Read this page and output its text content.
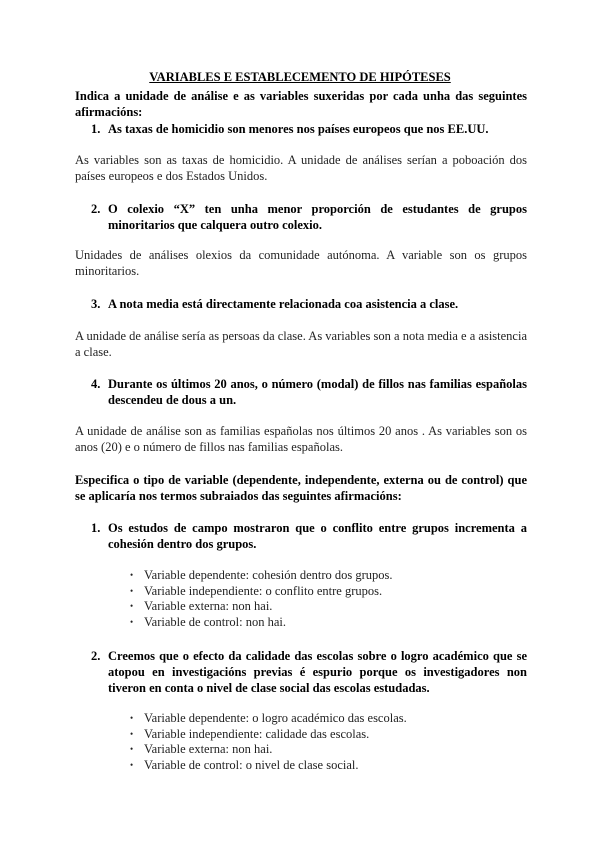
VARIABLES E ESTABLECEMENTO DE HIPÓTESES
Indica a unidade de análise e as variables suxeridas por cada unha das seguintes afirmacións:
1. As taxas de homicidio son menores nos países europeos que nos EE.UU.
As variables son as taxas de homicidio. A unidade de análises serían a poboación dos países europeos e dos Estados Unidos.
2. O colexio “X” ten unha menor proporción de estudantes de grupos minoritarios que calquera outro colexio.
Unidades de análises olexios da comunidade autónoma. A variable son os grupos minoritarios.
3. A nota media está directamente relacionada coa asistencia a clase.
A unidade de análise sería as persoas da clase. As variables son a nota media e a asistencia a clase.
4. Durante os últimos 20 anos, o número (modal) de fillos nas familias españolas descendeu de dous a un.
A unidade de análise son as familias españolas nos últimos 20 anos . As variables son os anos (20) e o número de fillos nas familias españolas.
Especifica o tipo de variable (dependente, independente, externa ou de control) que se aplicaría nos termos subraiados das seguintes afirmacións:
1. Os estudos de campo mostraron que o conflito entre grupos incrementa a cohesión dentro dos grupos.
• Variable dependente: cohesión dentro dos grupos.
• Variable independiente: o conflito entre grupos.
• Variable externa: non hai.
• Variable de control: non hai.
2. Creemos que o efecto da calidade das escolas sobre o logro académico que se atopou en investigacións previas é espurio porque os investigadores non tiveron en conta o nivel de clase social das escolas estudadas.
• Variable dependente: o logro académico das escolas.
• Variable independiente: calidade das escolas.
• Variable externa: non hai.
• Variable de control: o nivel de clase social.
